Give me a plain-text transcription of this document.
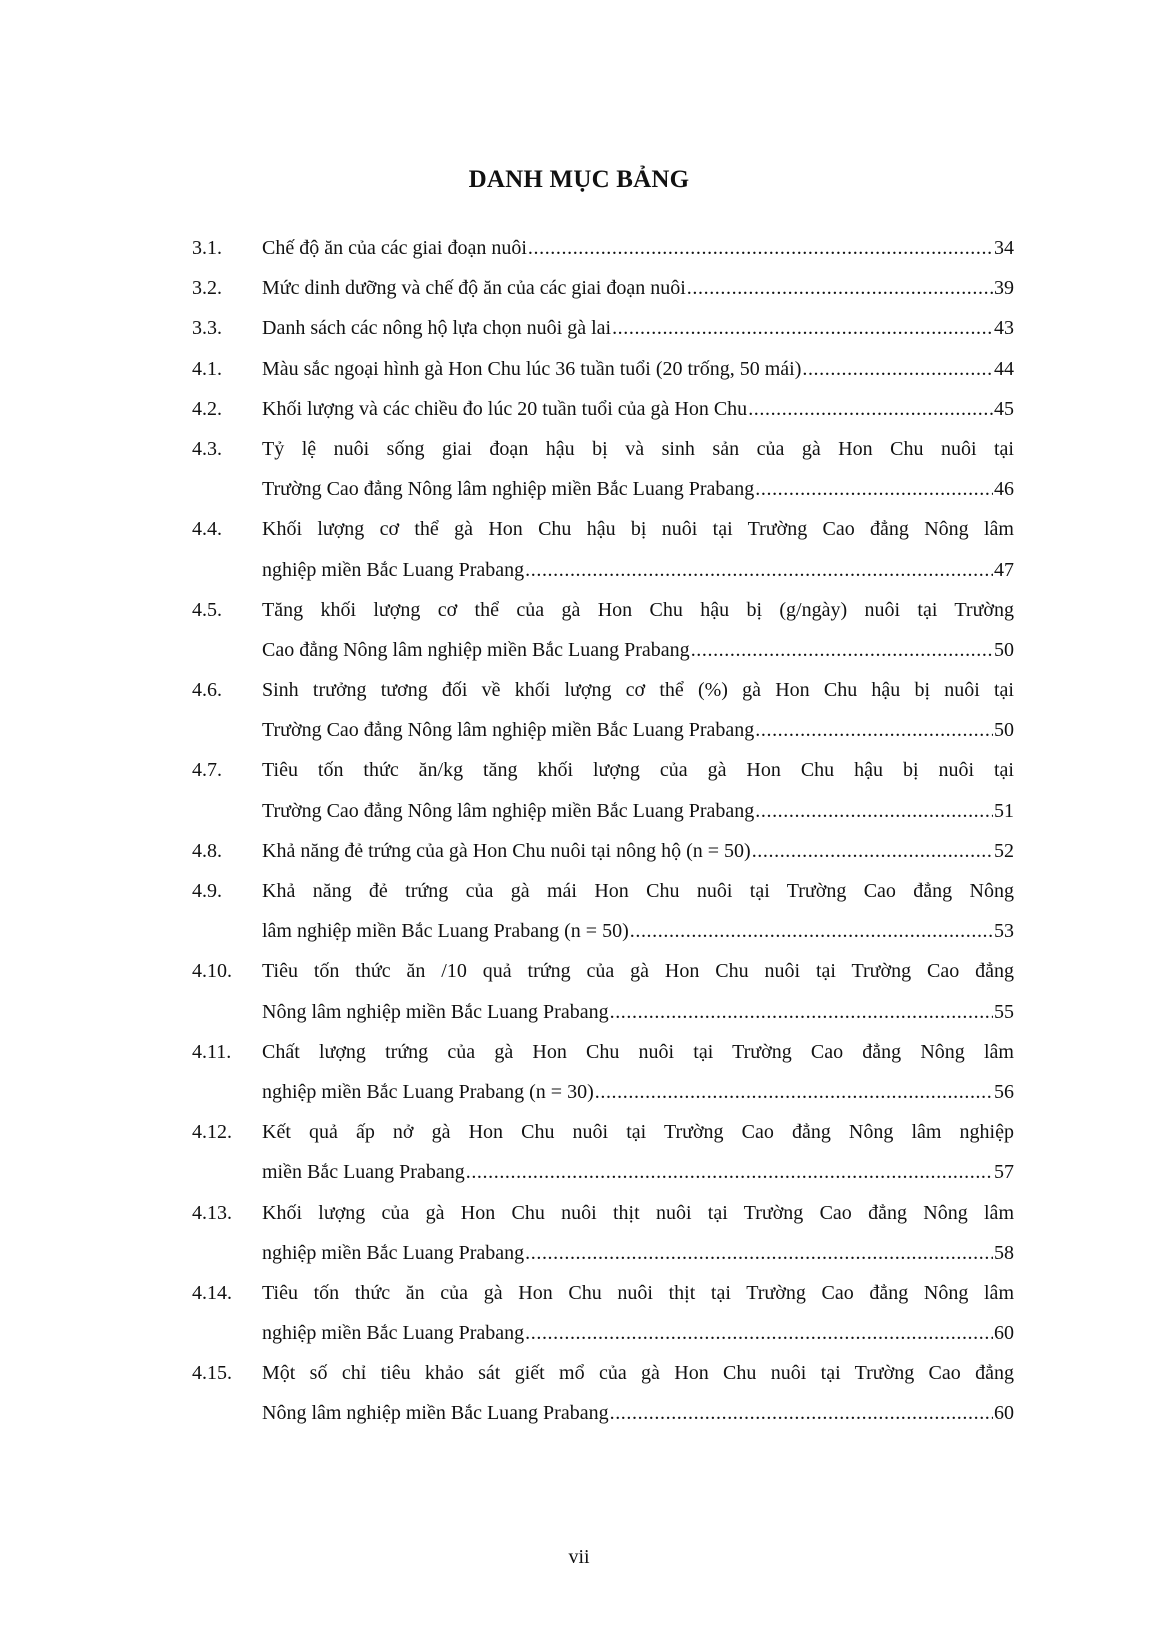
DANH MỤC BẢNG
3.1.	Chế độ ăn của các giai đoạn nuôi .....	34
3.2.	Mức dinh dưỡng và chế độ ăn của các giai đoạn nuôi .....	39
3.3.	Danh sách các nông hộ lựa chọn nuôi gà lai .....	43
4.1.	Màu sắc ngoại hình gà Hon Chu lúc 36 tuần tuổi (20 trống, 50 mái) .....	44
4.2.	Khối lượng và các chiều đo lúc 20 tuần tuổi của gà Hon Chu .....	45
4.3.	Tỷ lệ nuôi sống giai đoạn hậu bị và sinh sản của gà Hon Chu nuôi tại
Trường Cao đẳng Nông lâm nghiệp miền Bắc Luang Prabang .....	46
4.4.	Khối lượng cơ thể gà Hon Chu hậu bị nuôi tại Trường Cao đẳng Nông lâm
nghiệp miền Bắc Luang Prabang .....	47
4.5.	Tăng khối lượng cơ thể của gà Hon Chu hậu bị (g/ngày) nuôi tại Trường
Cao đẳng Nông lâm nghiệp miền Bắc Luang Prabang .....	50
4.6.	Sinh trưởng tương đối về khối lượng cơ thể (%) gà Hon Chu hậu bị nuôi tại
Trường Cao đẳng Nông lâm nghiệp miền Bắc Luang Prabang .....	50
4.7.	Tiêu tốn thức ăn/kg tăng khối lượng của gà Hon Chu hậu bị nuôi tại
Trường Cao đẳng Nông lâm nghiệp miền Bắc Luang Prabang .....	51
4.8.	Khả năng đẻ trứng của gà Hon Chu nuôi tại nông hộ (n = 50) .....	52
4.9.	Khả năng đẻ trứng của gà mái Hon Chu nuôi tại Trường Cao đẳng Nông
lâm nghiệp miền Bắc Luang Prabang (n = 50) .....	53
4.10.	Tiêu tốn thức ăn /10 quả trứng của gà Hon Chu nuôi tại Trường Cao đẳng
Nông lâm nghiệp miền Bắc Luang Prabang .....	55
4.11.	Chất lượng trứng của gà Hon Chu nuôi tại Trường Cao đẳng Nông lâm
nghiệp miền Bắc Luang Prabang (n = 30) .....	56
4.12.	Kết quả ấp nở gà Hon Chu nuôi tại Trường Cao đẳng Nông lâm nghiệp
miền Bắc Luang Prabang .....	57
4.13.	Khối lượng của gà Hon Chu nuôi thịt nuôi tại Trường Cao đẳng Nông lâm
nghiệp miền Bắc Luang Prabang .....	58
4.14.	Tiêu tốn thức ăn của gà Hon Chu nuôi thịt tại Trường Cao đẳng Nông lâm
nghiệp miền Bắc Luang Prabang .....	60
4.15.	Một số chỉ tiêu khảo sát giết mổ của gà Hon Chu nuôi tại Trường Cao đẳng
Nông lâm nghiệp miền Bắc Luang Prabang .....	60
vii
